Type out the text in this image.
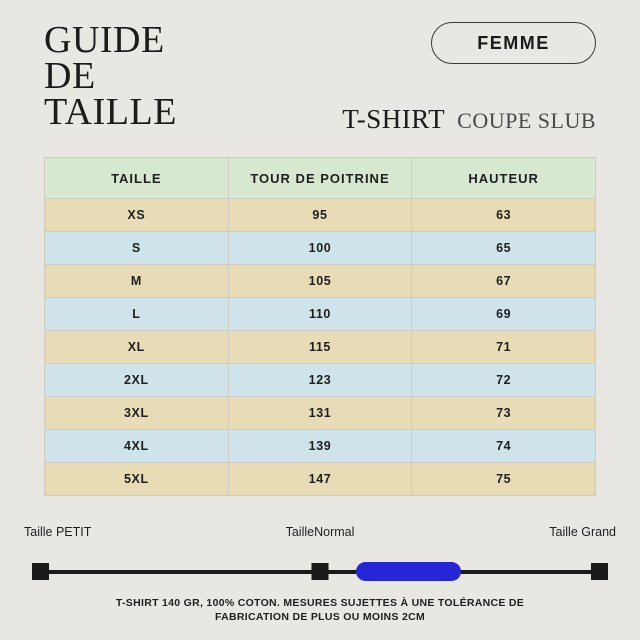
GUIDE
DE
TAILLE
FEMME
T-SHIRT COUPE SLUB
TAILLE	TOUR DE POITRINE	HAUTEUR
XS	95	63
S	100	65
M	105	67
L	110	69
XL	115	71
2XL	123	72
3XL	131	73
4XL	139	74
5XL	147	75
Taille PETIT	TailleNormal	Taille Grand
T-SHIRT 140 GR, 100% COTON. MESURES SUJETTES À UNE TOLÉRANCE DE
FABRICATION DE PLUS OU MOINS 2CM
